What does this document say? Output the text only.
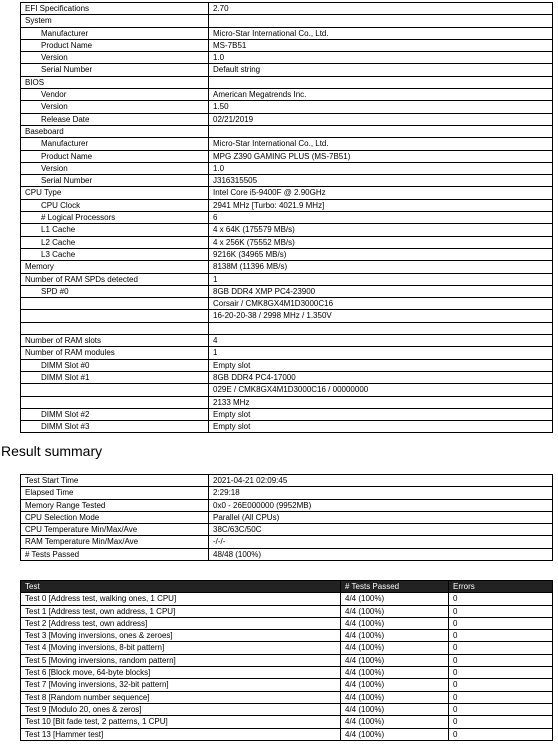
EFI Specifications	2.70
System	
Manufacturer	Micro-Star International Co., Ltd.
Product Name	MS-7B51
Version	1.0
Serial Number	Default string
BIOS	
Vendor	American Megatrends Inc.
Version	1.50
Release Date	02/21/2019
Baseboard	
Manufacturer	Micro-Star International Co., Ltd.
Product Name	MPG Z390 GAMING PLUS (MS-7B51)
Version	1.0
Serial Number	J316315505
CPU Type	Intel Core i5-9400F @ 2.90GHz
CPU Clock	2941 MHz [Turbo: 4021.9 MHz]
# Logical Processors	6
L1 Cache	4 x 64K (175579 MB/s)
L2 Cache	4 x 256K (75552 MB/s)
L3 Cache	9216K (34965 MB/s)
Memory	8138M (11396 MB/s)
Number of RAM SPDs detected	1
SPD #0	8GB DDR4 XMP PC4-23900
	Corsair / CMK8GX4M1D3000C16
	16-20-20-38 / 2998 MHz / 1.350V

Number of RAM slots	4
Number of RAM modules	1
DIMM Slot #0	Empty slot
DIMM Slot #1	8GB DDR4 PC4-17000
	029E / CMK8GX4M1D3000C16 / 00000000
	2133 MHz
DIMM Slot #2	Empty slot
DIMM Slot #3	Empty slot
Result summary
Test Start Time	2021-04-21 02:09:45
Elapsed Time	2:29:18
Memory Range Tested	0x0 - 26E000000 (9952MB)
CPU Selection Mode	Parallel (All CPUs)
CPU Temperature Min/Max/Ave	38C/63C/50C
RAM Temperature Min/Max/Ave	-/-/-
# Tests Passed	48/48 (100%)
Test	# Tests Passed	Errors
Test 0 [Address test, walking ones, 1 CPU]	4/4 (100%)	0
Test 1 [Address test, own address, 1 CPU]	4/4 (100%)	0
Test 2 [Address test, own address]	4/4 (100%)	0
Test 3 [Moving inversions, ones & zeroes]	4/4 (100%)	0
Test 4 [Moving inversions, 8-bit pattern]	4/4 (100%)	0
Test 5 [Moving inversions, random pattern]	4/4 (100%)	0
Test 6 [Block move, 64-byte blocks]	4/4 (100%)	0
Test 7 [Moving inversions, 32-bit pattern]	4/4 (100%)	0
Test 8 [Random number sequence]	4/4 (100%)	0
Test 9 [Modulo 20, ones & zeros]	4/4 (100%)	0
Test 10 [Bit fade test, 2 patterns, 1 CPU]	4/4 (100%)	0
Test 13 [Hammer test]	4/4 (100%)	0
